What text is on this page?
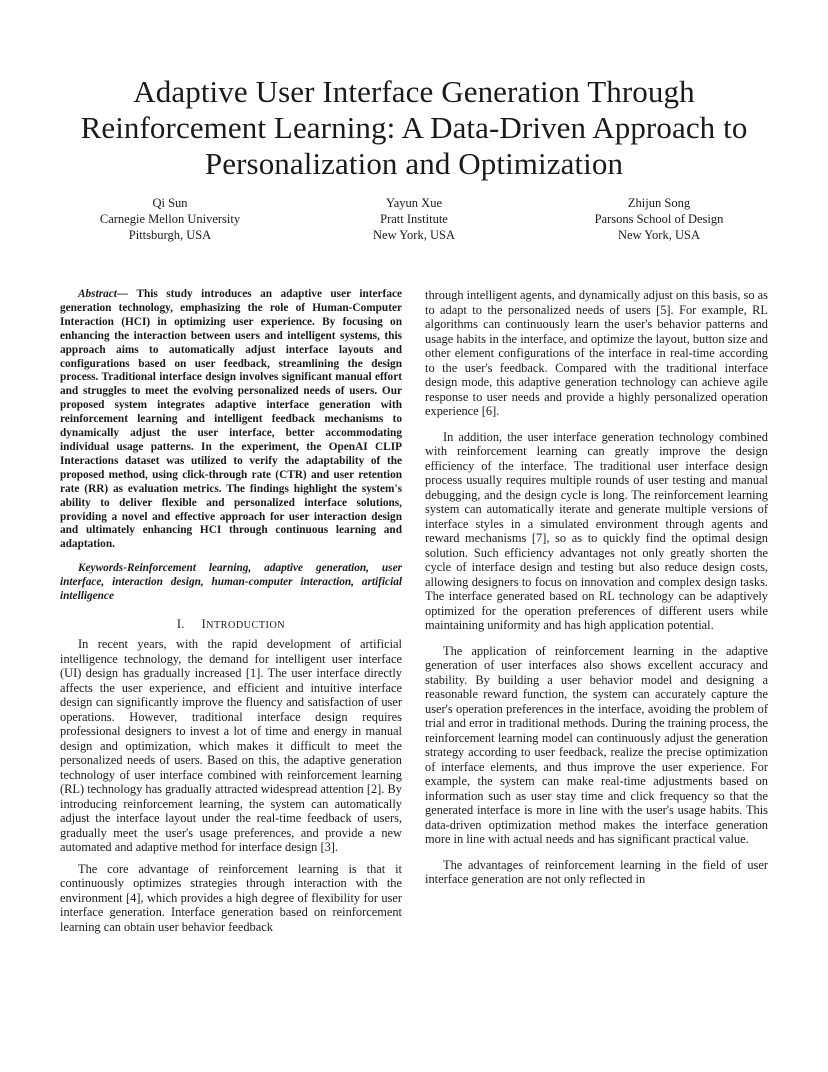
Adaptive User Interface Generation Through
Reinforcement Learning: A Data-Driven Approach to
Personalization and Optimization
Qi Sun
Carnegie Mellon University
Pittsburgh, USA
Yayun Xue
Pratt Institute
New York, USA
Zhijun Song
Parsons School of Design
New York, USA

Abstract— This study introduces an adaptive user interface generation technology, emphasizing the role of Human-Computer Interaction (HCI) in optimizing user experience. By focusing on enhancing the interaction between users and intelligent systems, this approach aims to automatically adjust interface layouts and configurations based on user feedback, streamlining the design process. Traditional interface design involves significant manual effort and struggles to meet the evolving personalized needs of users. Our proposed system integrates adaptive interface generation with reinforcement learning and intelligent feedback mechanisms to dynamically adjust the user interface, better accommodating individual usage patterns. In the experiment, the OpenAI CLIP Interactions dataset was utilized to verify the adaptability of the proposed method, using click-through rate (CTR) and user retention rate (RR) as evaluation metrics. The findings highlight the system's ability to deliver flexible and personalized interface solutions, providing a novel and effective approach for user interaction design and ultimately enhancing HCI through continuous learning and adaptation.

Keywords-Reinforcement learning, adaptive generation, user interface, interaction design, human-computer interaction, artificial intelligence

I. INTRODUCTION

In recent years, with the rapid development of artificial intelligence technology, the demand for intelligent user interface (UI) design has gradually increased [1]. The user interface directly affects the user experience, and efficient and intuitive interface design can significantly improve the fluency and satisfaction of user operations. However, traditional interface design requires professional designers to invest a lot of time and energy in manual design and optimization, which makes it difficult to meet the personalized needs of users. Based on this, the adaptive generation technology of user interface combined with reinforcement learning (RL) technology has gradually attracted widespread attention [2]. By introducing reinforcement learning, the system can automatically adjust the interface layout under the real-time feedback of users, gradually meet the user's usage preferences, and provide a new automated and adaptive method for interface design [3].

The core advantage of reinforcement learning is that it continuously optimizes strategies through interaction with the environment [4], which provides a high degree of flexibility for user interface generation. Interface generation based on reinforcement learning can obtain user behavior feedback

through intelligent agents, and dynamically adjust on this basis, so as to adapt to the personalized needs of users [5]. For example, RL algorithms can continuously learn the user's behavior patterns and usage habits in the interface, and optimize the layout, button size and other element configurations of the interface in real-time according to the user's feedback. Compared with the traditional interface design mode, this adaptive generation technology can achieve agile response to user needs and provide a highly personalized operation experience [6].

In addition, the user interface generation technology combined with reinforcement learning can greatly improve the design efficiency of the interface. The traditional user interface design process usually requires multiple rounds of user testing and manual debugging, and the design cycle is long. The reinforcement learning system can automatically iterate and generate multiple versions of interface styles in a simulated environment through agents and reward mechanisms [7], so as to quickly find the optimal design solution. Such efficiency advantages not only greatly shorten the cycle of interface design and testing but also reduce design costs, allowing designers to focus on innovation and complex design tasks. The interface generated based on RL technology can be adaptively optimized for the operation preferences of different users while maintaining uniformity and has high application potential.

The application of reinforcement learning in the adaptive generation of user interfaces also shows excellent accuracy and stability. By building a user behavior model and designing a reasonable reward function, the system can accurately capture the user's operation preferences in the interface, avoiding the problem of trial and error in traditional methods. During the training process, the reinforcement learning model can continuously adjust the generation strategy according to user feedback, realize the precise optimization of interface elements, and thus improve the user experience. For example, the system can make real-time adjustments based on information such as user stay time and click frequency so that the generated interface is more in line with the user's usage habits. This data-driven optimization method makes the interface generation more in line with actual needs and has significant practical value.

The advantages of reinforcement learning in the field of user interface generation are not only reflected in
